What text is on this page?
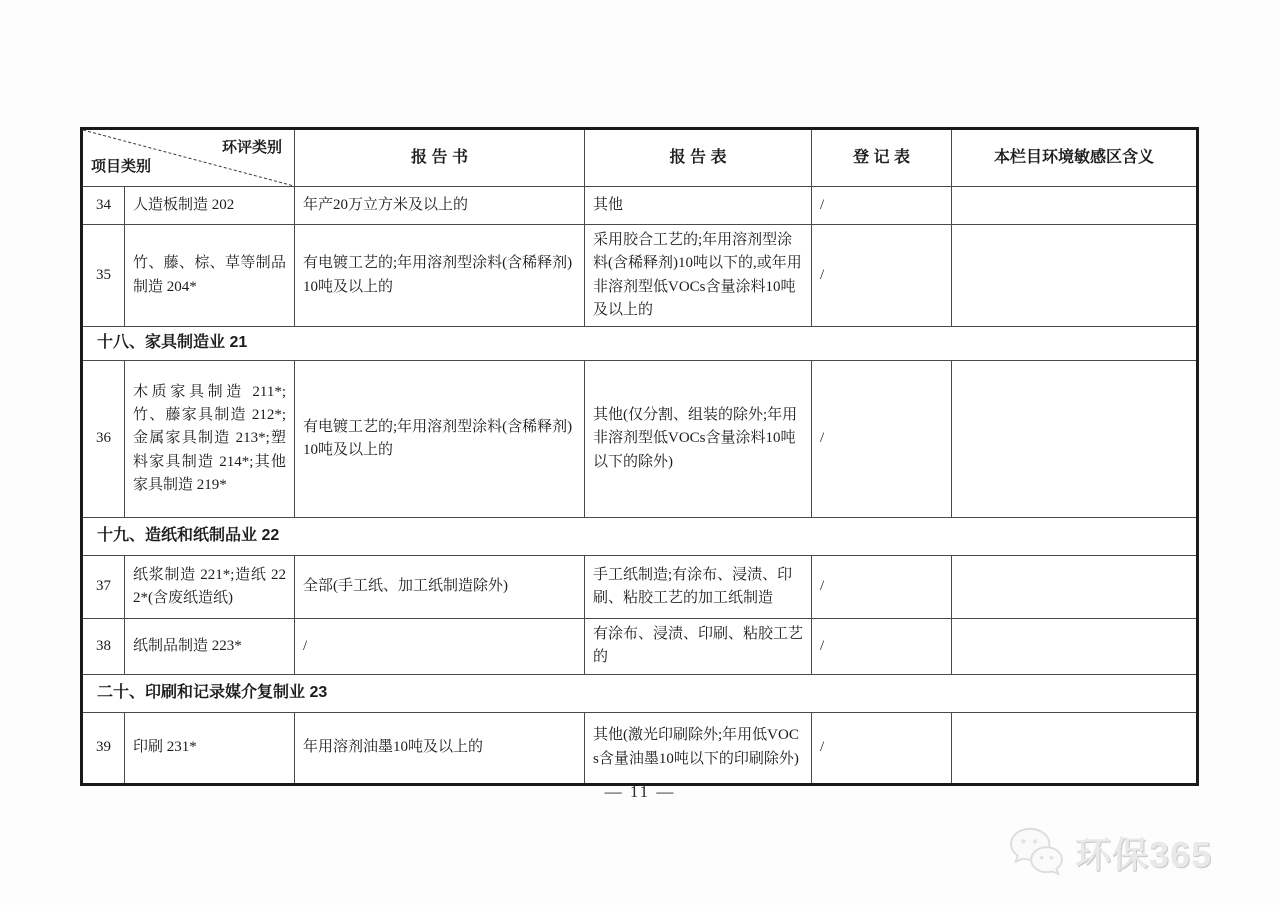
环评类别
项目类别		报 告 书	报 告 表	登 记 表	本栏目环境敏感区含义
34	人造板制造 202	年产20万立方米及以上的	其他	/	
35	竹、藤、棕、草等制品制造 204*	有电镀工艺的;年用溶剂型涂料(含稀释剂)10吨及以上的	采用胶合工艺的;年用溶剂型涂料(含稀释剂)10吨以下的,或年用非溶剂型低VOCs含量涂料10吨及以上的	/	
十八、家具制造业 21					
36	木质家具制造 211*;竹、藤家具制造 212*;金属家具制造 213*;塑料家具制造 214*;其他家具制造 219*	有电镀工艺的;年用溶剂型涂料(含稀释剂)10吨及以上的	其他(仅分割、组装的除外;年用非溶剂型低VOCs含量涂料10吨以下的除外)	/	
十九、造纸和纸制品业 22					
37	纸浆制造 221*;造纸 222*(含废纸造纸)	全部(手工纸、加工纸制造除外)	手工纸制造;有涂布、浸渍、印刷、粘胶工艺的加工纸制造	/	
38	纸制品制造 223*	/	有涂布、浸渍、印刷、粘胶工艺的	/	
二十、印刷和记录媒介复制业 23					
39	印刷 231*	年用溶剂油墨10吨及以上的	其他(激光印刷除外;年用低VOCs含量油墨10吨以下的印刷除外)	/	
— 11 —
环保365
